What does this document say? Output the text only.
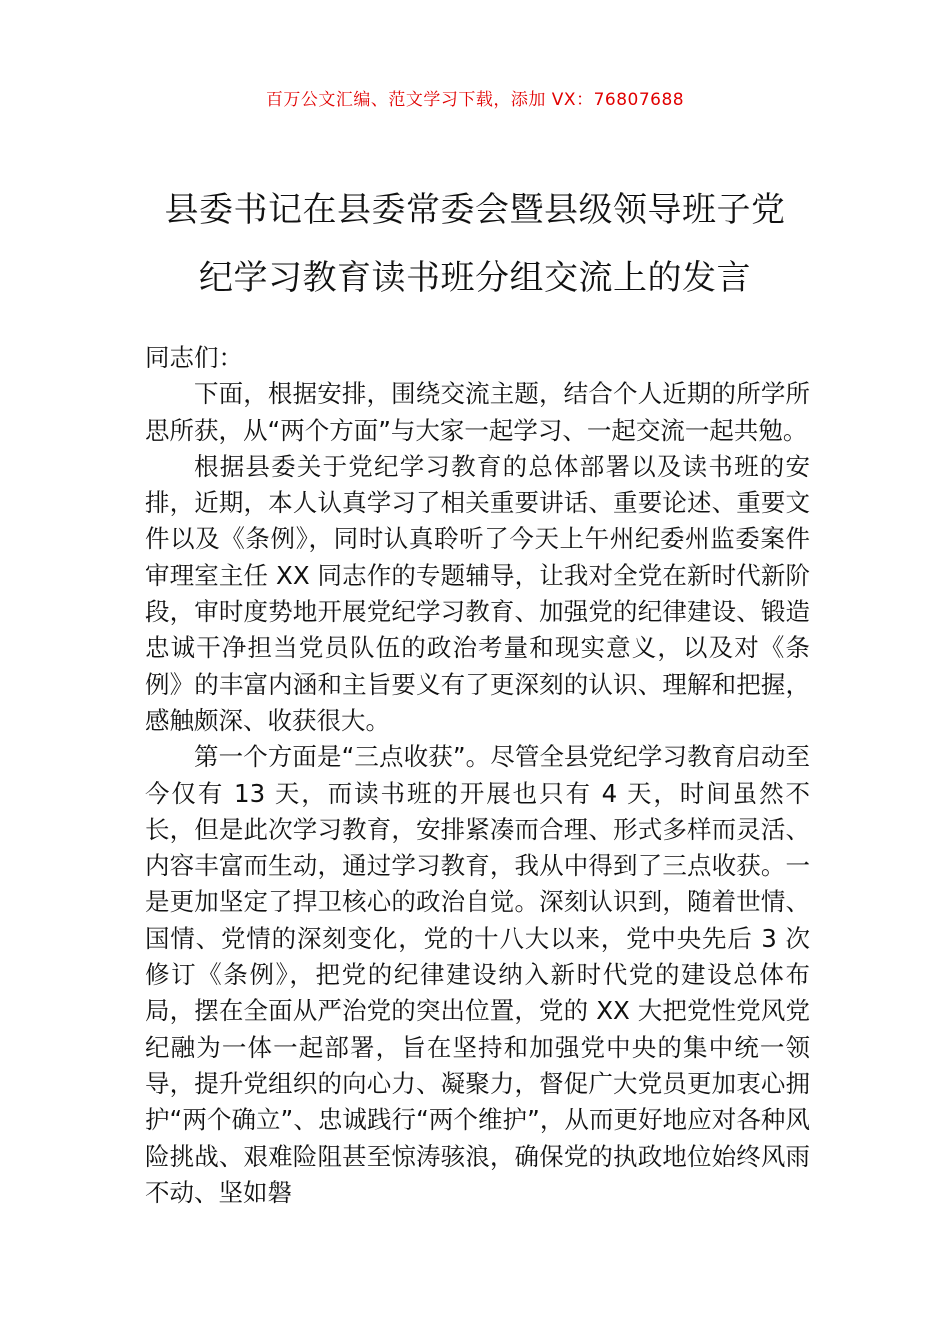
百万公文汇编、范文学习下载，添加 VX：76807688
县委书记在县委常委会暨县级领导班子党
纪学习教育读书班分组交流上的发言

同志们：

下面，根据安排，围绕交流主题，结合个人近期的所学所思所获，从“两个方面”与大家一起学习、一起交流一起共勉。

根据县委关于党纪学习教育的总体部署以及读书班的安排，近期，本人认真学习了相关重要讲话、重要论述、重要文件以及《条例》，同时认真聆听了今天上午州纪委州监委案件审理室主任 XX 同志作的专题辅导，让我对全党在新时代新阶段，审时度势地开展党纪学习教育、加强党的纪律建设、锻造忠诚干净担当党员队伍的政治考量和现实意义，以及对《条例》的丰富内涵和主旨要义有了更深刻的认识、理解和把握，感触颇深、收获很大。

第一个方面是“三点收获”。尽管全县党纪学习教育启动至今仅有 13 天，而读书班的开展也只有 4 天，时间虽然不长，但是此次学习教育，安排紧凑而合理、形式多样而灵活、内容丰富而生动，通过学习教育，我从中得到了三点收获。一是更加坚定了捍卫核心的政治自觉。深刻认识到，随着世情、国情、党情的深刻变化，党的十八大以来，党中央先后 3 次修订《条例》，把党的纪律建设纳入新时代党的建设总体布局，摆在全面从严治党的突出位置，党的 XX 大把党性党风党纪融为一体一起部署，旨在坚持和加强党中央的集中统一领导，提升党组织的向心力、凝聚力，督促广大党员更加衷心拥护“两个确立”、忠诚践行“两个维护”，从而更好地应对各种风险挑战、艰难险阻甚至惊涛骇浪，确保党的执政地位始终风雨不动、坚如磐
